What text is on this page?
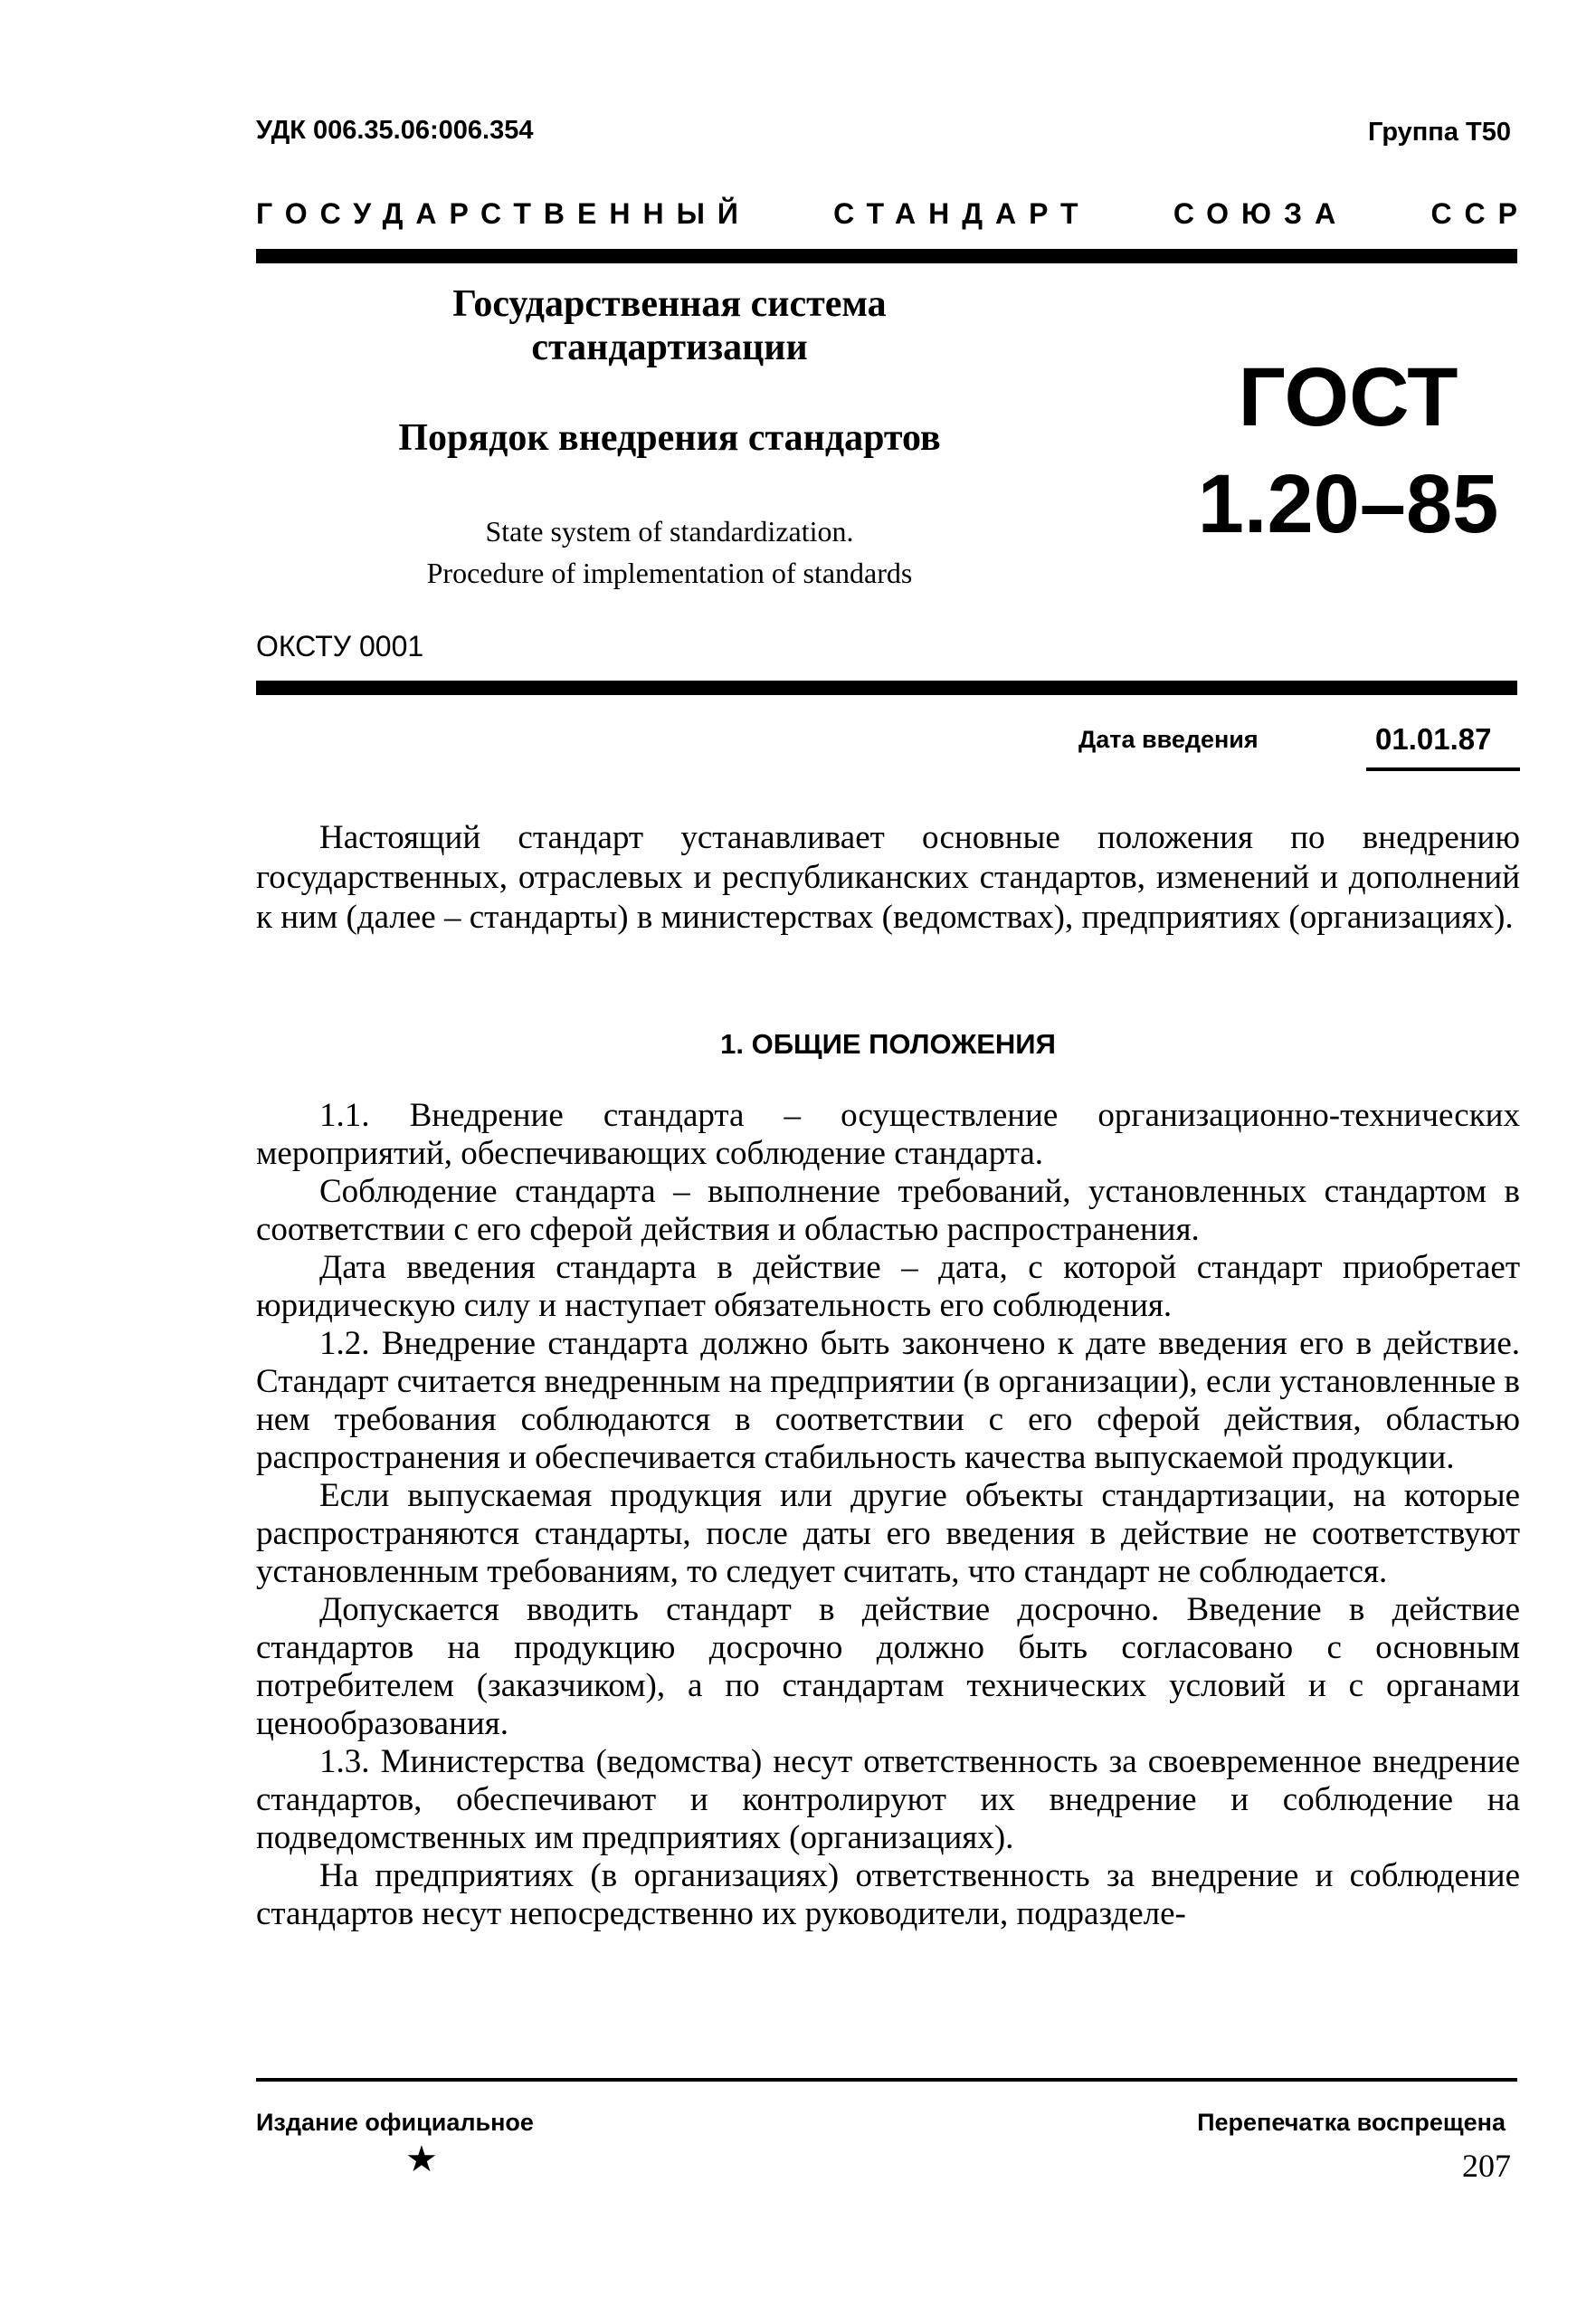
УДК 006.35.06:006.354	Группа Т50
ГОСУДАРСТВЕННЫЙ	СТАНДАРТ	СОЮЗА	ССР
Государственная система
стандартизации
Порядок внедрения стандартов
State system of standardization.
Procedure of implementation of standards
ГОСТ
1.20–85
ОКСТУ 0001
Дата введения	01.01.87
Настоящий стандарт устанавливает основные положения по внедрению государственных, отраслевых и республиканских стандартов, изменений и дополнений к ним (далее – стандарты) в министерствах (ведомствах), предприятиях (организациях).
1. ОБЩИЕ ПОЛОЖЕНИЯ

1.1. Внедрение стандарта – осуществление организационно-технических мероприятий, обеспечивающих соблюдение стандарта.

Соблюдение стандарта – выполнение требований, установленных стандартом в соответствии с его сферой действия и областью распространения.

Дата введения стандарта в действие – дата, с которой стандарт приобретает юридическую силу и наступает обязательность его соблюдения.

1.2. Внедрение стандарта должно быть закончено к дате введения его в действие. Стандарт считается внедренным на предприятии (в организации), если установленные в нем требования соблюдаются в соответствии с его сферой действия, областью распространения и обеспечивается стабильность качества выпускаемой продукции.

Если выпускаемая продукция или другие объекты стандартизации, на которые распространяются стандарты, после даты его введения в действие не соответствуют установленным требованиям, то следует считать, что стандарт не соблюдается.

Допускается вводить стандарт в действие досрочно. Введение в действие стандартов на продукцию досрочно должно быть согласовано с основным потребителем (заказчиком), а по стандартам технических условий и с органами ценообразования.

1.3. Министерства (ведомства) несут ответственность за своевременное внедрение стандартов, обеспечивают и контролируют их внедрение и соблюдение на подведомственных им предприятиях (организациях).

На предприятиях (в организациях) ответственность за внедрение и соблюдение стандартов несут непосредственно их руководители, подразделе-

Издание официальное	Перепечатка воспрещена
★	207
